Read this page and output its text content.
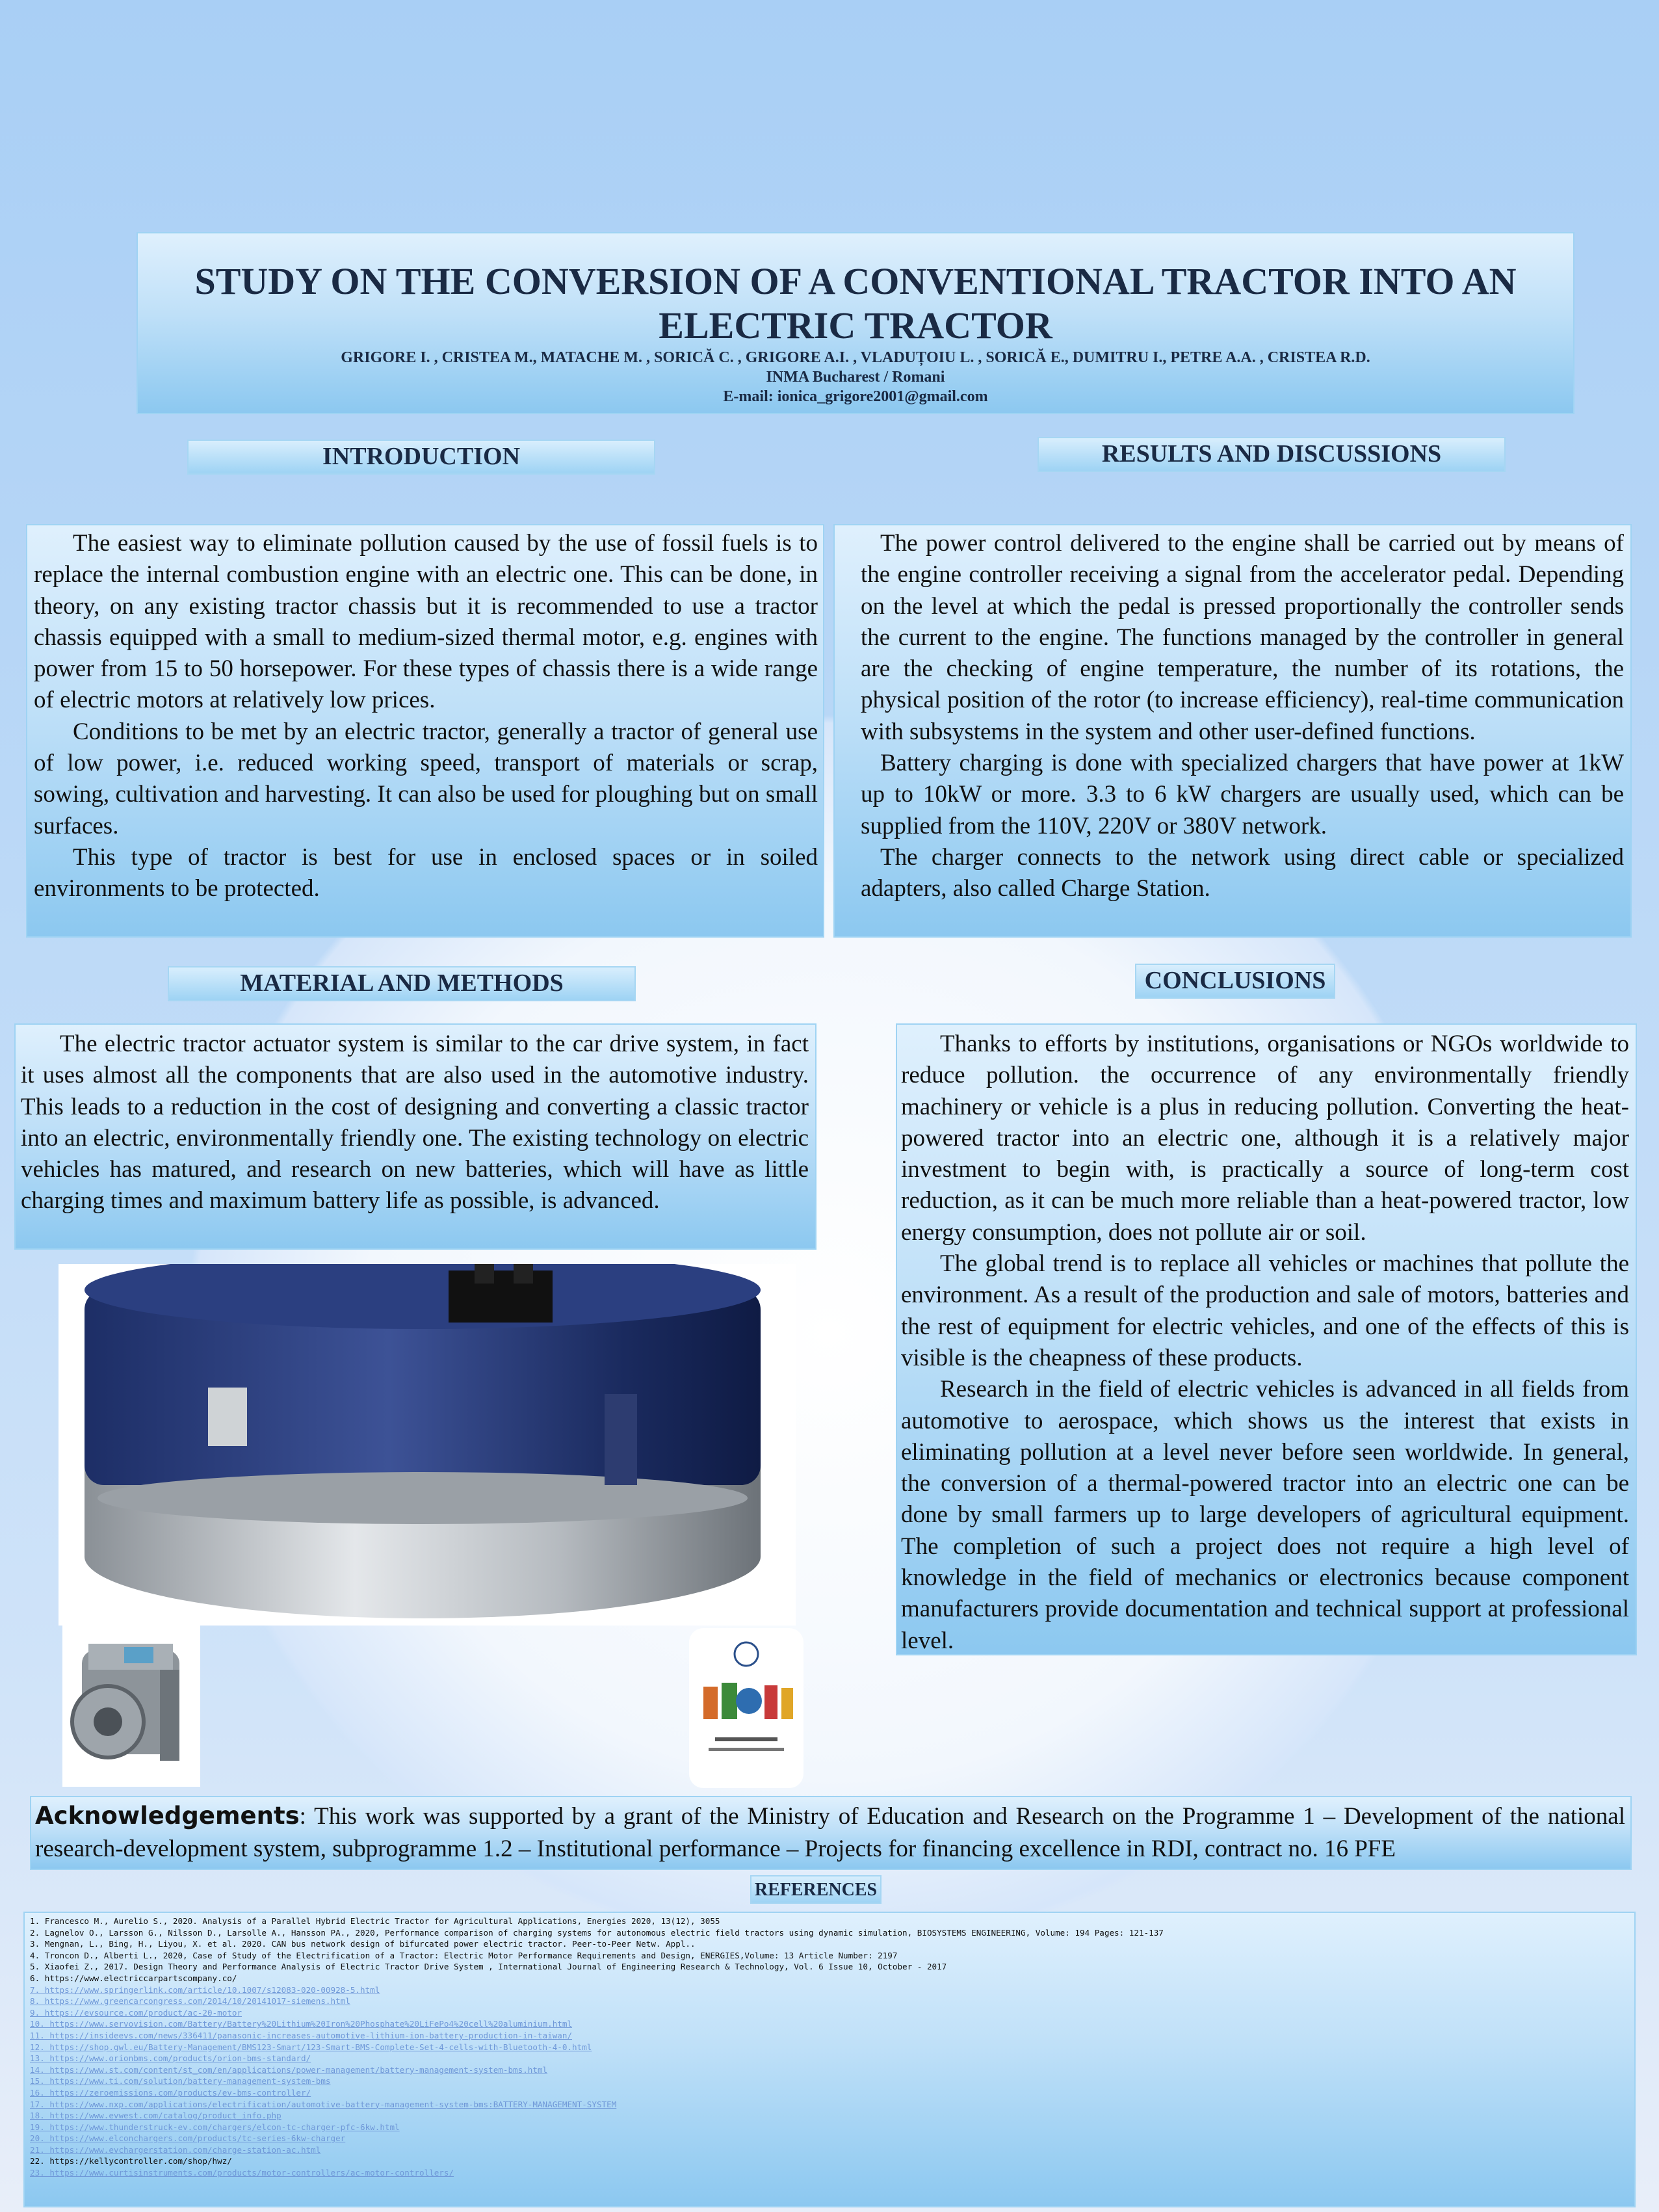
STUDY ON THE CONVERSION OF A CONVENTIONAL TRACTOR INTO AN ELECTRIC TRACTOR
GRIGORE I. , CRISTEA M., MATACHE M. , SORICĂ C. , GRIGORE A.I. , VLADUȚOIU L. , SORICĂ E., DUMITRU I., PETRE A.A. , CRISTEA R.D.
INMA Bucharest / Romani
E-mail: ionica_grigore2001@gmail.com
INTRODUCTION	RESULTS AND DISCUSSIONS
MATERIAL AND METHODS	CONCLUSIONS
REFERENCES

The easiest way to eliminate pollution caused by the use of fossil fuels is to replace the internal combustion engine with an electric one. This can be done, in theory, on any existing tractor chassis but it is recommended to use a tractor chassis equipped with a small to medium-sized thermal motor, e.g. engines with power from 15 to 50 horsepower. For these types of chassis there is a wide range of electric motors at relatively low prices.

Conditions to be met by an electric tractor, generally a tractor of general use of low power, i.e. reduced working speed, transport of materials or scrap, sowing, cultivation and harvesting. It can also be used for ploughing but on small surfaces.

This type of tractor is best for use in enclosed spaces or in soiled environments to be protected.

The power control delivered to the engine shall be carried out by means of the engine controller receiving a signal from the accelerator pedal. Depending on the level at which the pedal is pressed proportionally the controller sends the current to the engine. The functions managed by the controller in general are the checking of engine temperature, the number of its rotations, the physical position of the rotor (to increase efficiency), real-time communication with subsystems in the system and other user-defined functions.

Battery charging is done with specialized chargers that have power at 1kW up to 10kW or more. 3.3 to 6 kW chargers are usually used, which can be supplied from the 110V, 220V or 380V network.

The charger connects to the network using direct cable or specialized adapters, also called Charge Station.

The electric tractor actuator system is similar to the car drive system, in fact it uses almost all the components that are also used in the automotive industry. This leads to a reduction in the cost of designing and converting a classic tractor into an electric, environmentally friendly one. The existing technology on electric vehicles has matured, and research on new batteries, which will have as little charging times and maximum battery life as possible, is advanced.

Thanks to efforts by institutions, organisations or NGOs worldwide to reduce pollution. the occurrence of any environmentally friendly machinery or vehicle is a plus in reducing pollution. Converting the heat-powered tractor into an electric one, although it is a relatively major investment to begin with, is practically a source of long-term cost reduction, as it can be much more reliable than a heat-powered tractor, low energy consumption, does not pollute air or soil.

The global trend is to replace all vehicles or machines that pollute the environment. As a result of the production and sale of motors, batteries and the rest of equipment for electric vehicles, and one of the effects of this is visible is the cheapness of these products.

Research in the field of electric vehicles is advanced in all fields from automotive to aerospace, which shows us the interest that exists in eliminating pollution at a level never before seen worldwide. In general, the conversion of a thermal-powered tractor into an electric one can be done by small farmers up to large developers of agricultural equipment. The completion of such a project does not require a high level of knowledge in the field of mechanics or electronics because component manufacturers provide documentation and technical support at professional level.

Acknowledgements: This work was supported by a grant of the Ministry of Education and Research on the Programme 1 – Development of the national research-development system, subprogramme 1.2 – Institutional performance – Projects for financing excellence in RDI, contract no. 16 PFE
1. Francesco M., Aurelio S., 2020. Analysis of a Parallel Hybrid Electric Tractor for Agricultural Applications, Energies 2020, 13(12), 3055
2. Lagnelov O., Larsson G., Nilsson D., Larsolle A., Hansson PA., 2020, Performance comparison of charging systems for autonomous electric field tractors using dynamic simulation, BIOSYSTEMS ENGINEERING, Volume: 194 Pages: 121-137
3. Mengnan, L., Bing, H., Liyou, X. et al. 2020. CAN bus network design of bifurcated power electric tractor. Peer-to-Peer Netw. Appl..
4. Troncon D., Alberti L., 2020, Case of Study of the Electrification of a Tractor: Electric Motor Performance Requirements and Design, ENERGIES,Volume: 13 Article Number: 2197
5. Xiaofei Z., 2017. Design Theory and Performance Analysis of Electric Tractor Drive System , International Journal of Engineering Research & Technology, Vol. 6 Issue 10, October - 2017
6. https://www.electriccarpartscompany.co/
7. https://www.springerlink.com/article/10.1007/s12083-020-00928-5.html
8. https://www.greencarcongress.com/2014/10/20141017-siemens.html
9. https://evsource.com/product/ac-20-motor
10. https://www.servovision.com/Battery/Battery%20Lithium%20Iron%20Phosphate%20LiFePo4%20cell%20aluminium.html
11. https://insideevs.com/news/336411/panasonic-increases-automotive-lithium-ion-battery-production-in-taiwan/
12. https://shop.gwl.eu/Battery-Management/BMS123-Smart/123-Smart-BMS-Complete-Set-4-cells-with-Bluetooth-4-0.html
13. https://www.orionbms.com/products/orion-bms-standard/
14. https://www.st.com/content/st_com/en/applications/power-management/battery-management-system-bms.html
15. https://www.ti.com/solution/battery-management-system-bms
16. https://zeroemissions.com/products/ev-bms-controller/
17. https://www.nxp.com/applications/electrification/automotive-battery-management-system-bms:BATTERY-MANAGEMENT-SYSTEM
18. https://www.evwest.com/catalog/product_info.php
19. https://www.thunderstruck-ev.com/chargers/elcon-tc-charger-pfc-6kw.html
20. https://www.elconchargers.com/products/tc-series-6kw-charger
21. https://www.evchargerstation.com/charge-station-ac.html
22. https://kellycontroller.com/shop/hwz/
23. https://www.curtisinstruments.com/products/motor-controllers/ac-motor-controllers/
